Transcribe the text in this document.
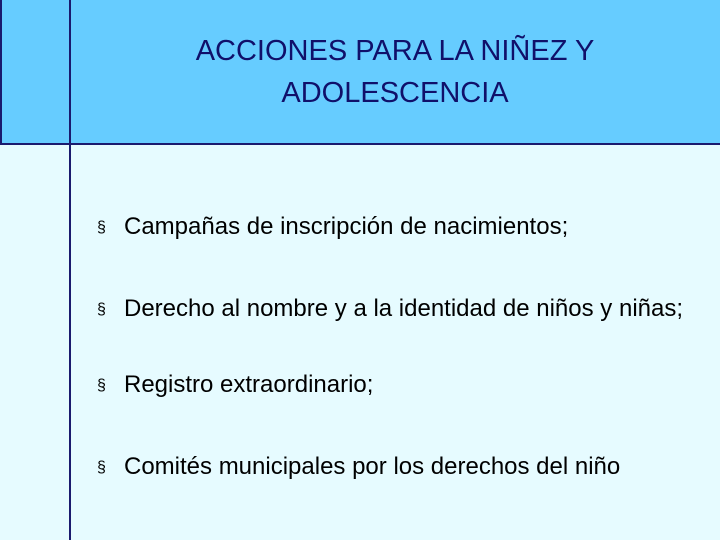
ACCIONES PARA LA NIÑEZ Y ADOLESCENCIA
§ Campañas de inscripción de nacimientos;
§ Derecho al nombre y a la identidad de niños y niñas;
§ Registro extraordinario;
§ Comités municipales por los derechos del niño
